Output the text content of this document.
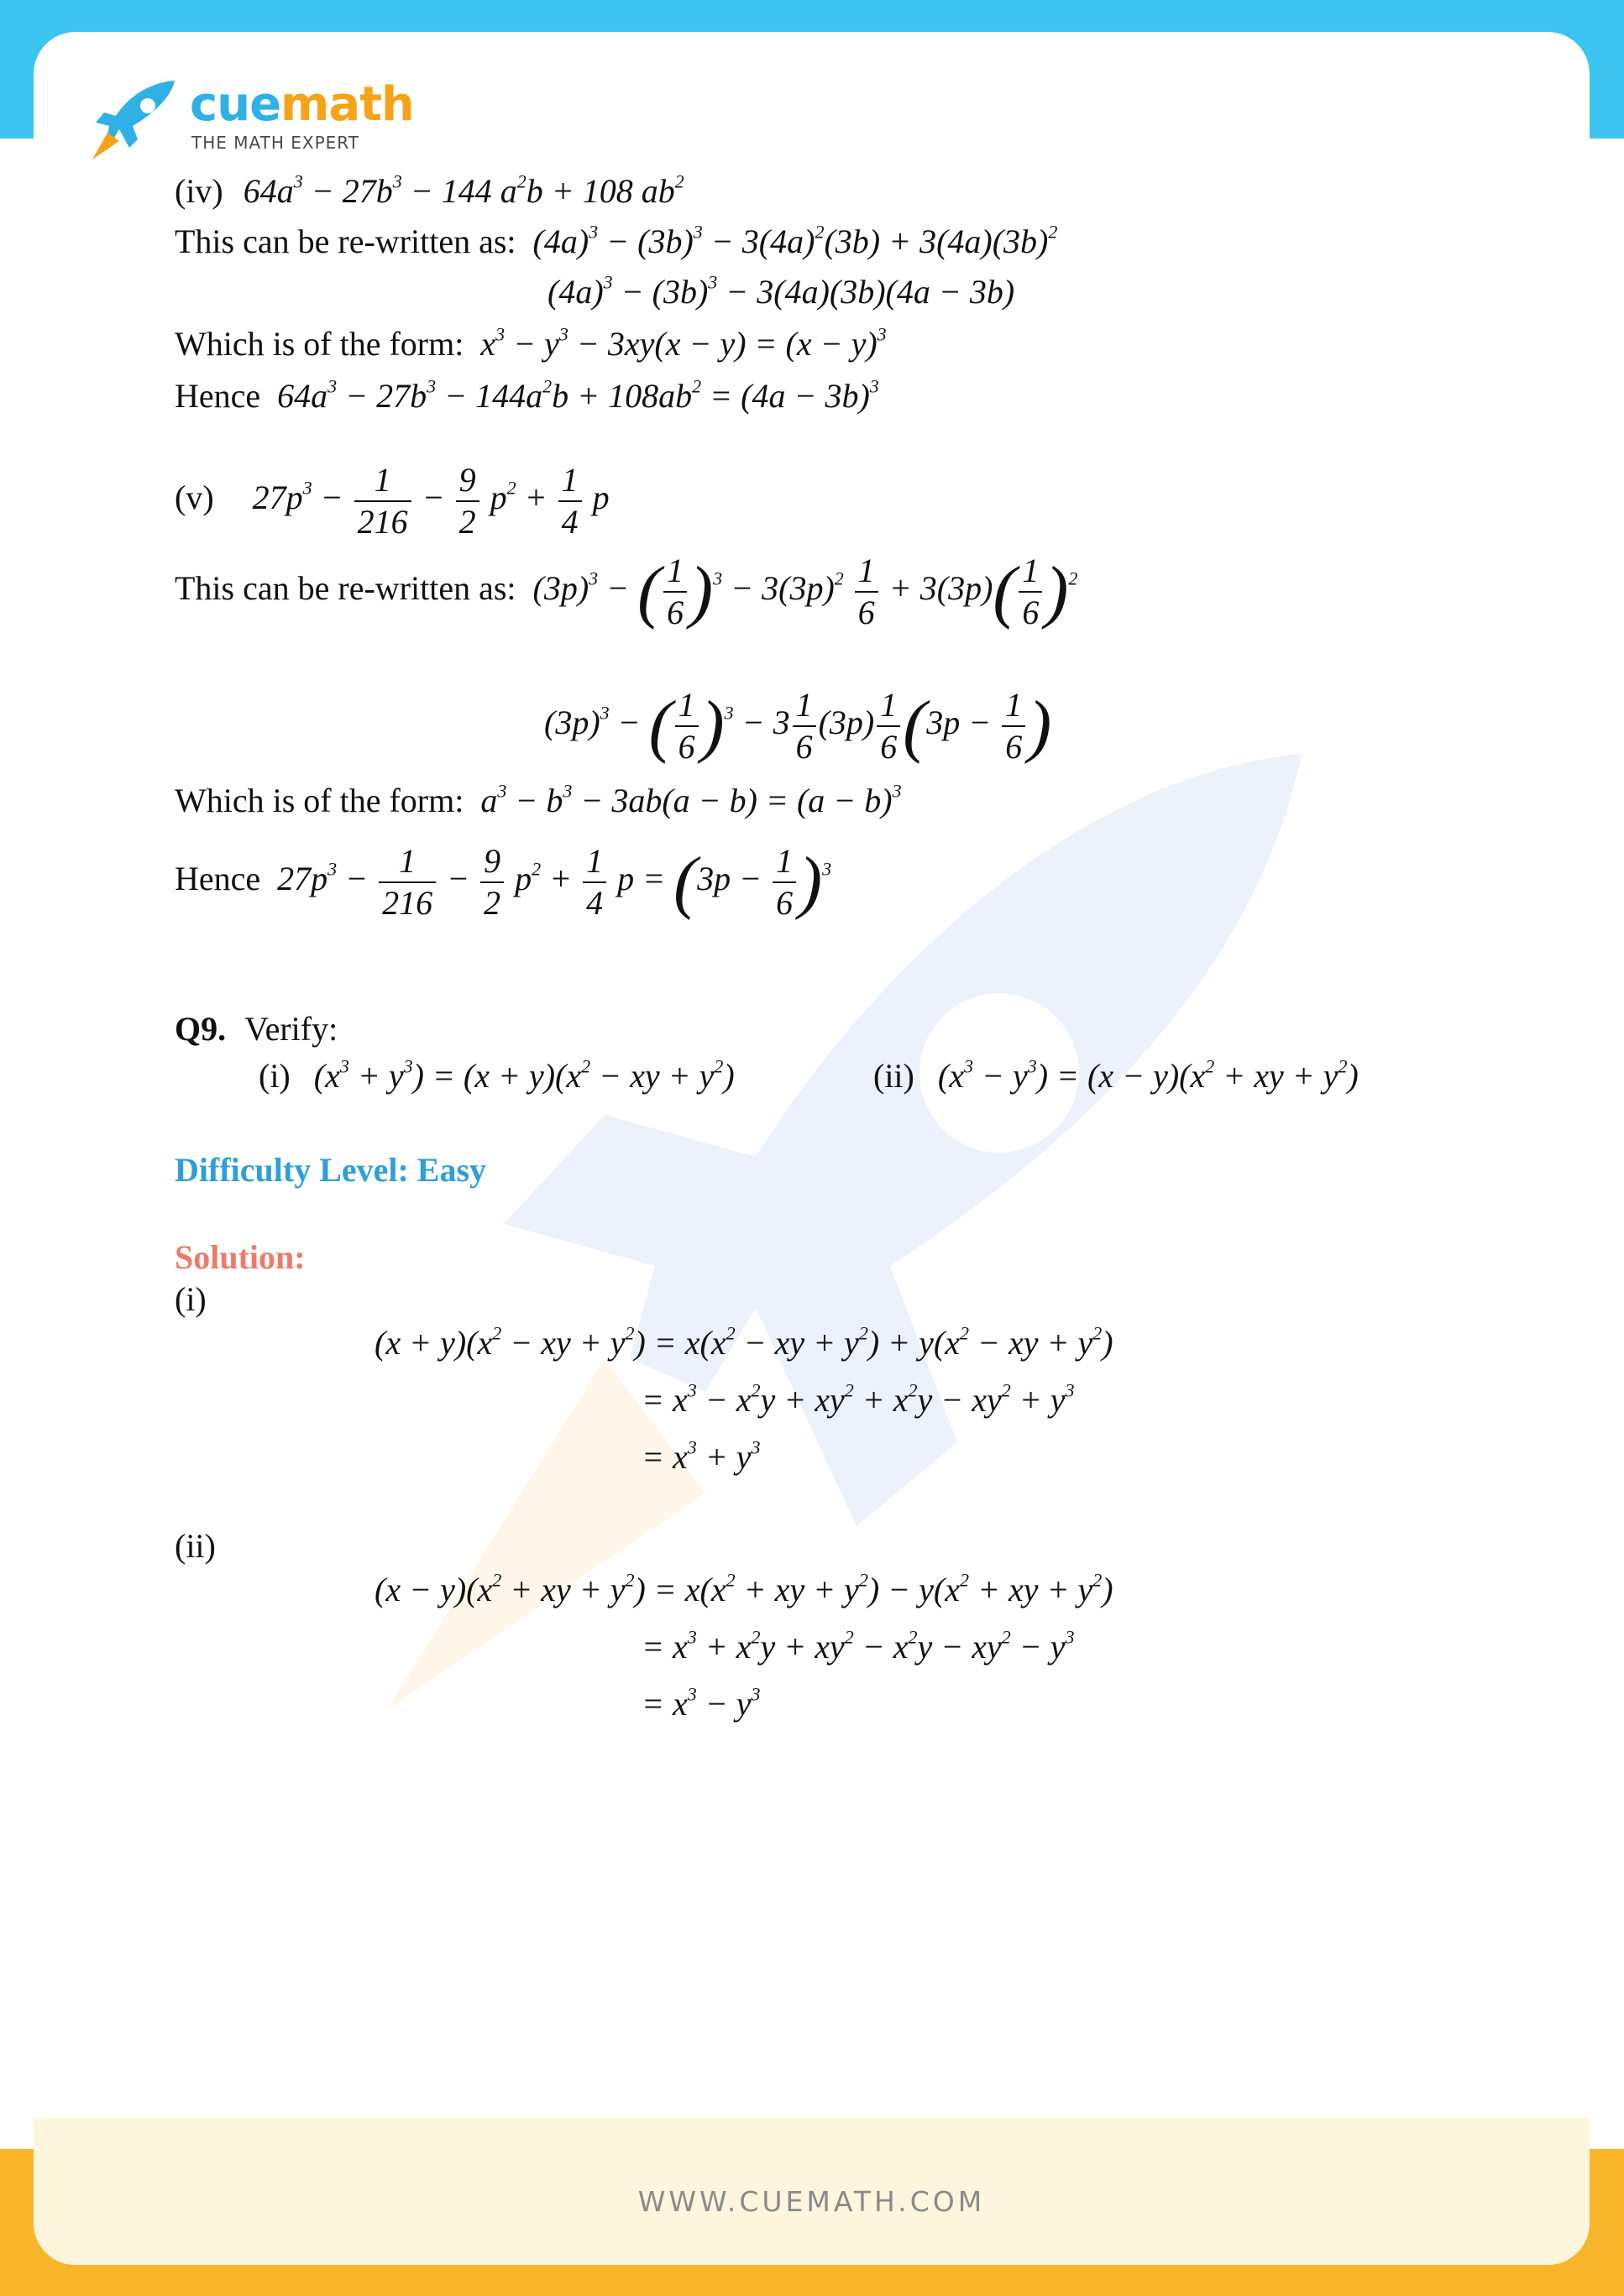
WWW.CUEMATH.COM
cuemath
THE MATH EXPERT
(iv) $64a^3 - 27b^3 - 144$ $a^2b + 108$ $ab^2$
This can be re-written as: $(4a)^3 - (3b)^3 - 3(4a)^2(3b) + 3(4a)(3b)^2$
$(4a)^3 - (3b)^3 - 3(4a)(3b)(4a - 3b)$
Which is of the form: $x^3 - y^3 - 3xy(x - y) = (x - y)^3$
Hence $64a^3 - 27b^3 - 144a^2b + 108ab^2 = (4a - 3b)^3$
(v) $27p^3 - \frac{1}{216} - \frac{9}{2} p^2 + \frac{1}{4}$ p
This can be re-written as: $(3p)^3$ − ( $\frac{1}{6} )^3 - 3(3p)^2 \frac{1}{6} + 3(3p)( \frac{1}{6} )^2$
$(3p)^3$ − ( $\frac{1}{6} )^3 - 3 \frac{1}{6} (3p) \frac{1}{6} (3p - \frac{1}{6}$ )
Which is of the form: $a^3 - b^3 - 3ab(a - b) = (a - b)^3$
Hence $27p^3 - \frac{1}{216} - \frac{9}{2} p^2 + \frac{1}{4}$ $p = (3p - \frac{1}{6} )^3$
Q9. Verify:
(i) $(x^3 + y^3) = (x + y)(x^2$ − xy + $y^2$)	(ii) $(x^3 - y^3) = (x - y)(x^2$ + xy + $y^2$)
Difficulty Level: Easy
Solution:
(i)
$(x + y)(x^2$ − xy + $y^2) = x(x^2$ − xy + $y^2) + y(x^2$ − xy + $y^2$)
= $x^3 - x^2y + xy^2 + x^2y - xy^2 + y^3$
= $x^3 + y^3$
(ii)
$(x - y)(x^2$ + xy + $y^2) = x(x^2$ + xy + $y^2) - y(x^2$ + xy + $y^2$)
= $x^3 + x^2y + xy^2 - x^2y - xy^2 - y^3$
= $x^3 - y^3$
